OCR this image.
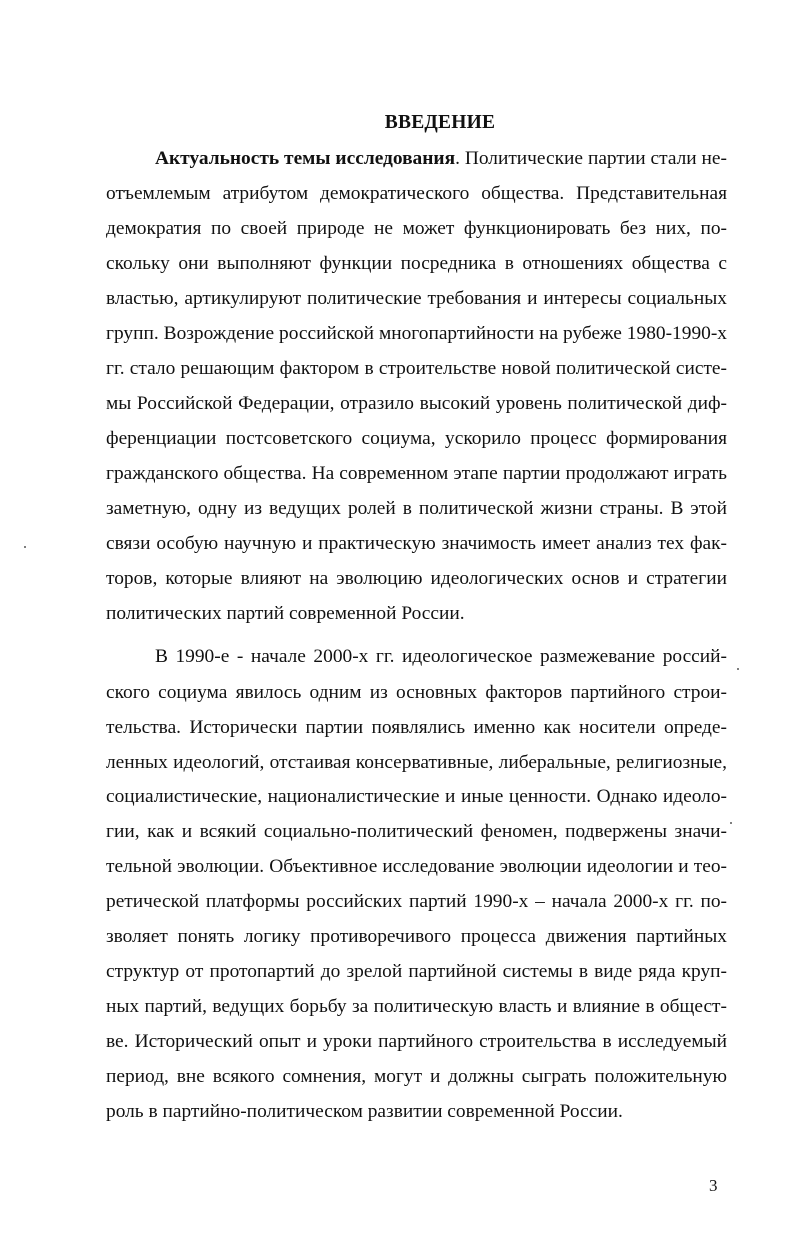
ВВЕДЕНИЕ
Актуальность темы исследования. Политические партии стали не-
отъемлемым атрибутом демократического общества. Представительная
демократия по своей природе не может функционировать без них, по-
скольку они выполняют функции посредника в отношениях общества с
властью, артикулируют политические требования и интересы социальных
групп. Возрождение российской многопартийности на рубеже 1980-1990-х
гг. стало решающим фактором в строительстве новой политической систе-
мы Российской Федерации, отразило высокий уровень политической диф-
ференциации постсоветского социума, ускорило процесс формирования
гражданского общества. На современном этапе партии продолжают играть
заметную, одну из ведущих ролей в политической жизни страны. В этой
связи особую научную и практическую значимость имеет анализ тех фак-
торов, которые влияют на эволюцию идеологических основ и стратегии
политических партий современной России.
В 1990-е - начале 2000-х гг. идеологическое размежевание россий-
ского социума явилось одним из основных факторов партийного строи-
тельства. Исторически партии появлялись именно как носители опреде-
ленных идеологий, отстаивая консервативные, либеральные, религиозные,
социалистические, националистические и иные ценности. Однако идеоло-
гии, как и всякий социально-политический феномен, подвержены значи-
тельной эволюции. Объективное исследование эволюции идеологии и тео-
ретической платформы российских партий 1990-х – начала 2000-х гг. по-
зволяет понять логику противоречивого процесса движения партийных
структур от протопартий до зрелой партийной системы в виде ряда круп-
ных партий, ведущих борьбу за политическую власть и влияние в общест-
ве. Исторический опыт и уроки партийного строительства в исследуемый
период, вне всякого сомнения, могут и должны сыграть положительную
роль в партийно-политическом развитии современной России.
3
